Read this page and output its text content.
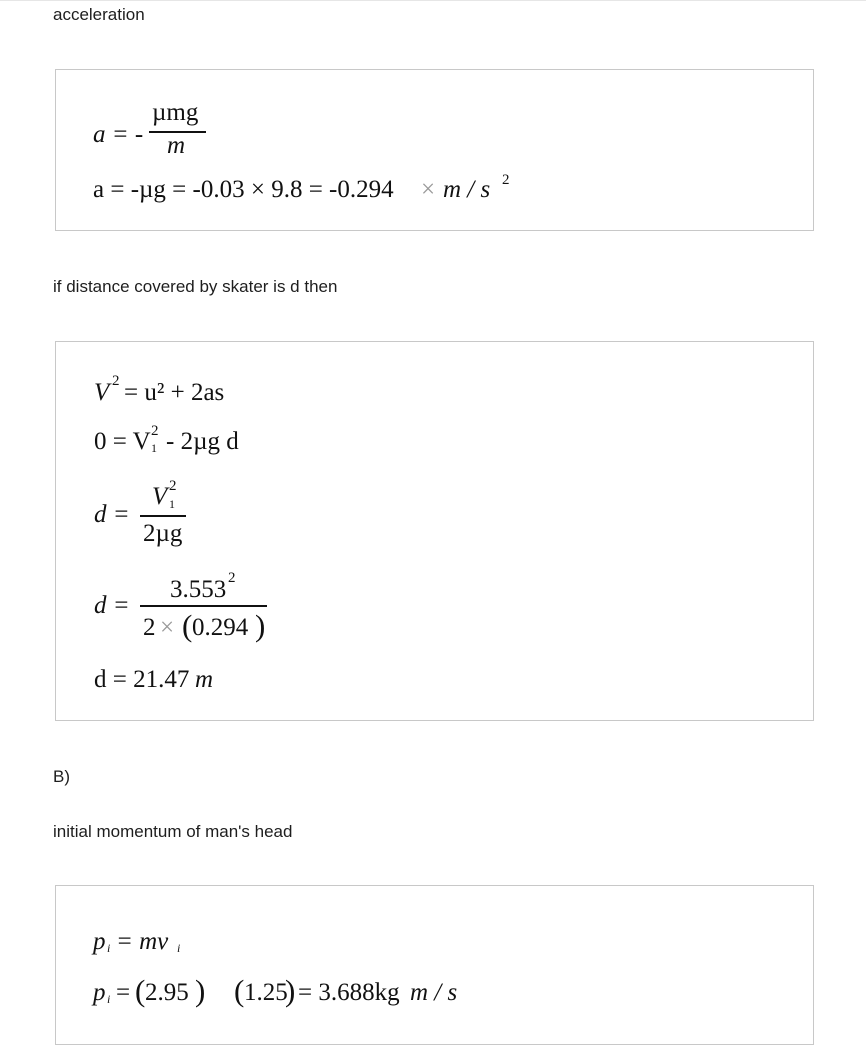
acceleration
a = -
µmg
m
a = -µg = -0.03 × 9.8 = -0.294 × m / s 2
if distance covered by skater is d then
V 2 = u² + 2as
0 = V 2
1 - 2µg d
d =
V 2
1
2µg
d =
3.553 2
2 × ( 0.294 )
d = 21.47 m
B)
initial momentum of man's head
p i = mv i
p i = ( 2.95 ) ( 1.25
) = 3.688kg m / s
